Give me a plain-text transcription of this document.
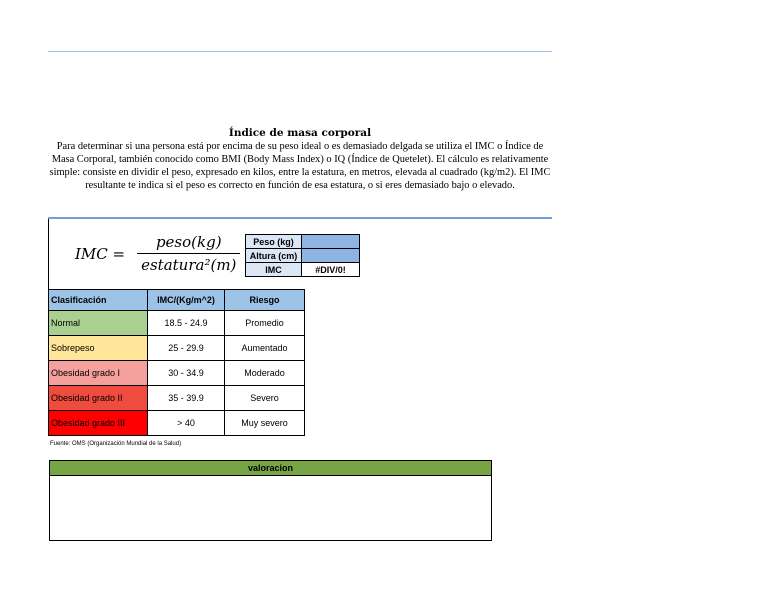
Índice de masa corporal
Para determinar si una persona está por encima de su peso ideal o es demasiado delgada se utiliza el IMC o Índice de Masa Corporal, también conocido como BMI (Body Mass Index) o IQ (Índice de Quetelet). El cálculo es relativamente simple: consiste en dividir el peso, expresado en kilos, entre la estatura, en metros, elevada al cuadrado (kg/m2). El IMC resultante te indica si el peso es correcto en función de esa estatura, o si eres demasiado bajo o elevado.
IMC = $\frac{\text{peso(kg)}}{\text{estatura²(m)}}$ Peso (kg)	
Altura (cm)	
IMC	#DIV/0!
Clasificación	IMC/(Kg/m^2)	Riesgo
Normal	18.5 - 24.9	Promedio
Sobrepeso	25 - 29.9	Aumentado
Obesidad grado I	30 - 34.9	Moderado
Obesidad grado II	35 - 39.9	Severo
Obesidad grado III	> 40	Muy severo
Fuente: OMS (Organización Mundial de la Salud)
valoracion
